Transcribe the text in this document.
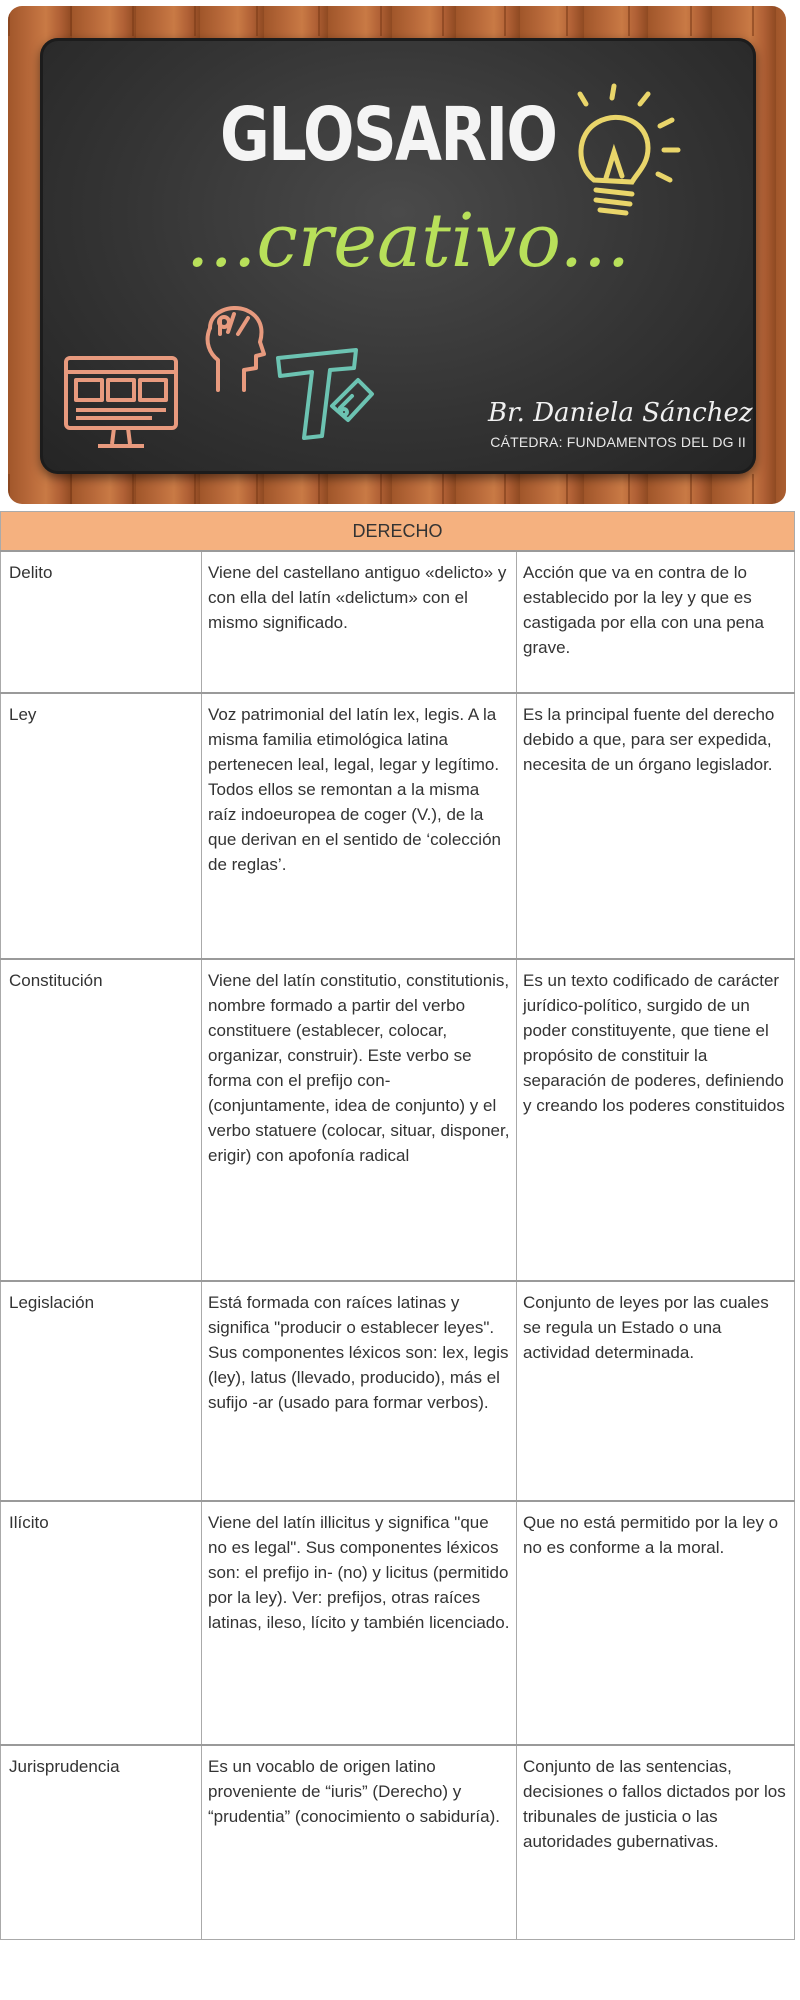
GLOSARIO
...creativo...
Br. Daniela Sánchez
CÁTEDRA: FUNDAMENTOS DEL DG II
DERECHO		
Delito	Viene del castellano antiguo «delicto» y con ella del latín «delictum» con el mismo significado.	Acción que va en contra de lo establecido por la ley y que es castigada por ella con una pena grave.
Ley	Voz patrimonial del latín lex, legis. A la misma familia etimológica latina pertenecen leal, legal, legar y legítimo. Todos ellos se remontan a la misma raíz indoeuropea de coger (V.), de la que derivan en el sentido de ‘colección de reglas’.	Es la principal fuente del derecho debido a que, para ser expedida, necesita de un órgano legislador.
Constitución	Viene del latín constitutio, constitutionis, nombre formado a partir del verbo constituere (establecer, colocar, organizar, construir). Este verbo se forma con el prefijo con- (conjuntamente, idea de conjunto) y el verbo statuere (colocar, situar, disponer, erigir) con apofonía radical	Es un texto codificado de carácter jurídico-político, surgido de un poder constituyente, que tiene el propósito de constituir la separación de poderes, definiendo y creando los poderes constituidos
Legislación	Está formada con raíces latinas y significa "producir o establecer leyes". Sus componentes léxicos son: lex, legis (ley), latus (llevado, producido), más el sufijo -ar (usado para formar verbos).	Conjunto de leyes por las cuales se regula un Estado o una actividad determinada.
Ilícito	Viene del latín illicitus y significa "que no es legal". Sus componentes léxicos son: el prefijo in- (no) y licitus (permitido por la ley). Ver: prefijos, otras raíces latinas, ileso, lícito y también licenciado.	Que no está permitido por la ley o no es conforme a la moral.
Jurisprudencia	Es un vocablo de origen latino proveniente de “iuris” (Derecho) y “prudentia” (conocimiento o sabiduría).	Conjunto de las sentencias, decisiones o fallos dictados por los tribunales de justicia o las autoridades gubernativas.
